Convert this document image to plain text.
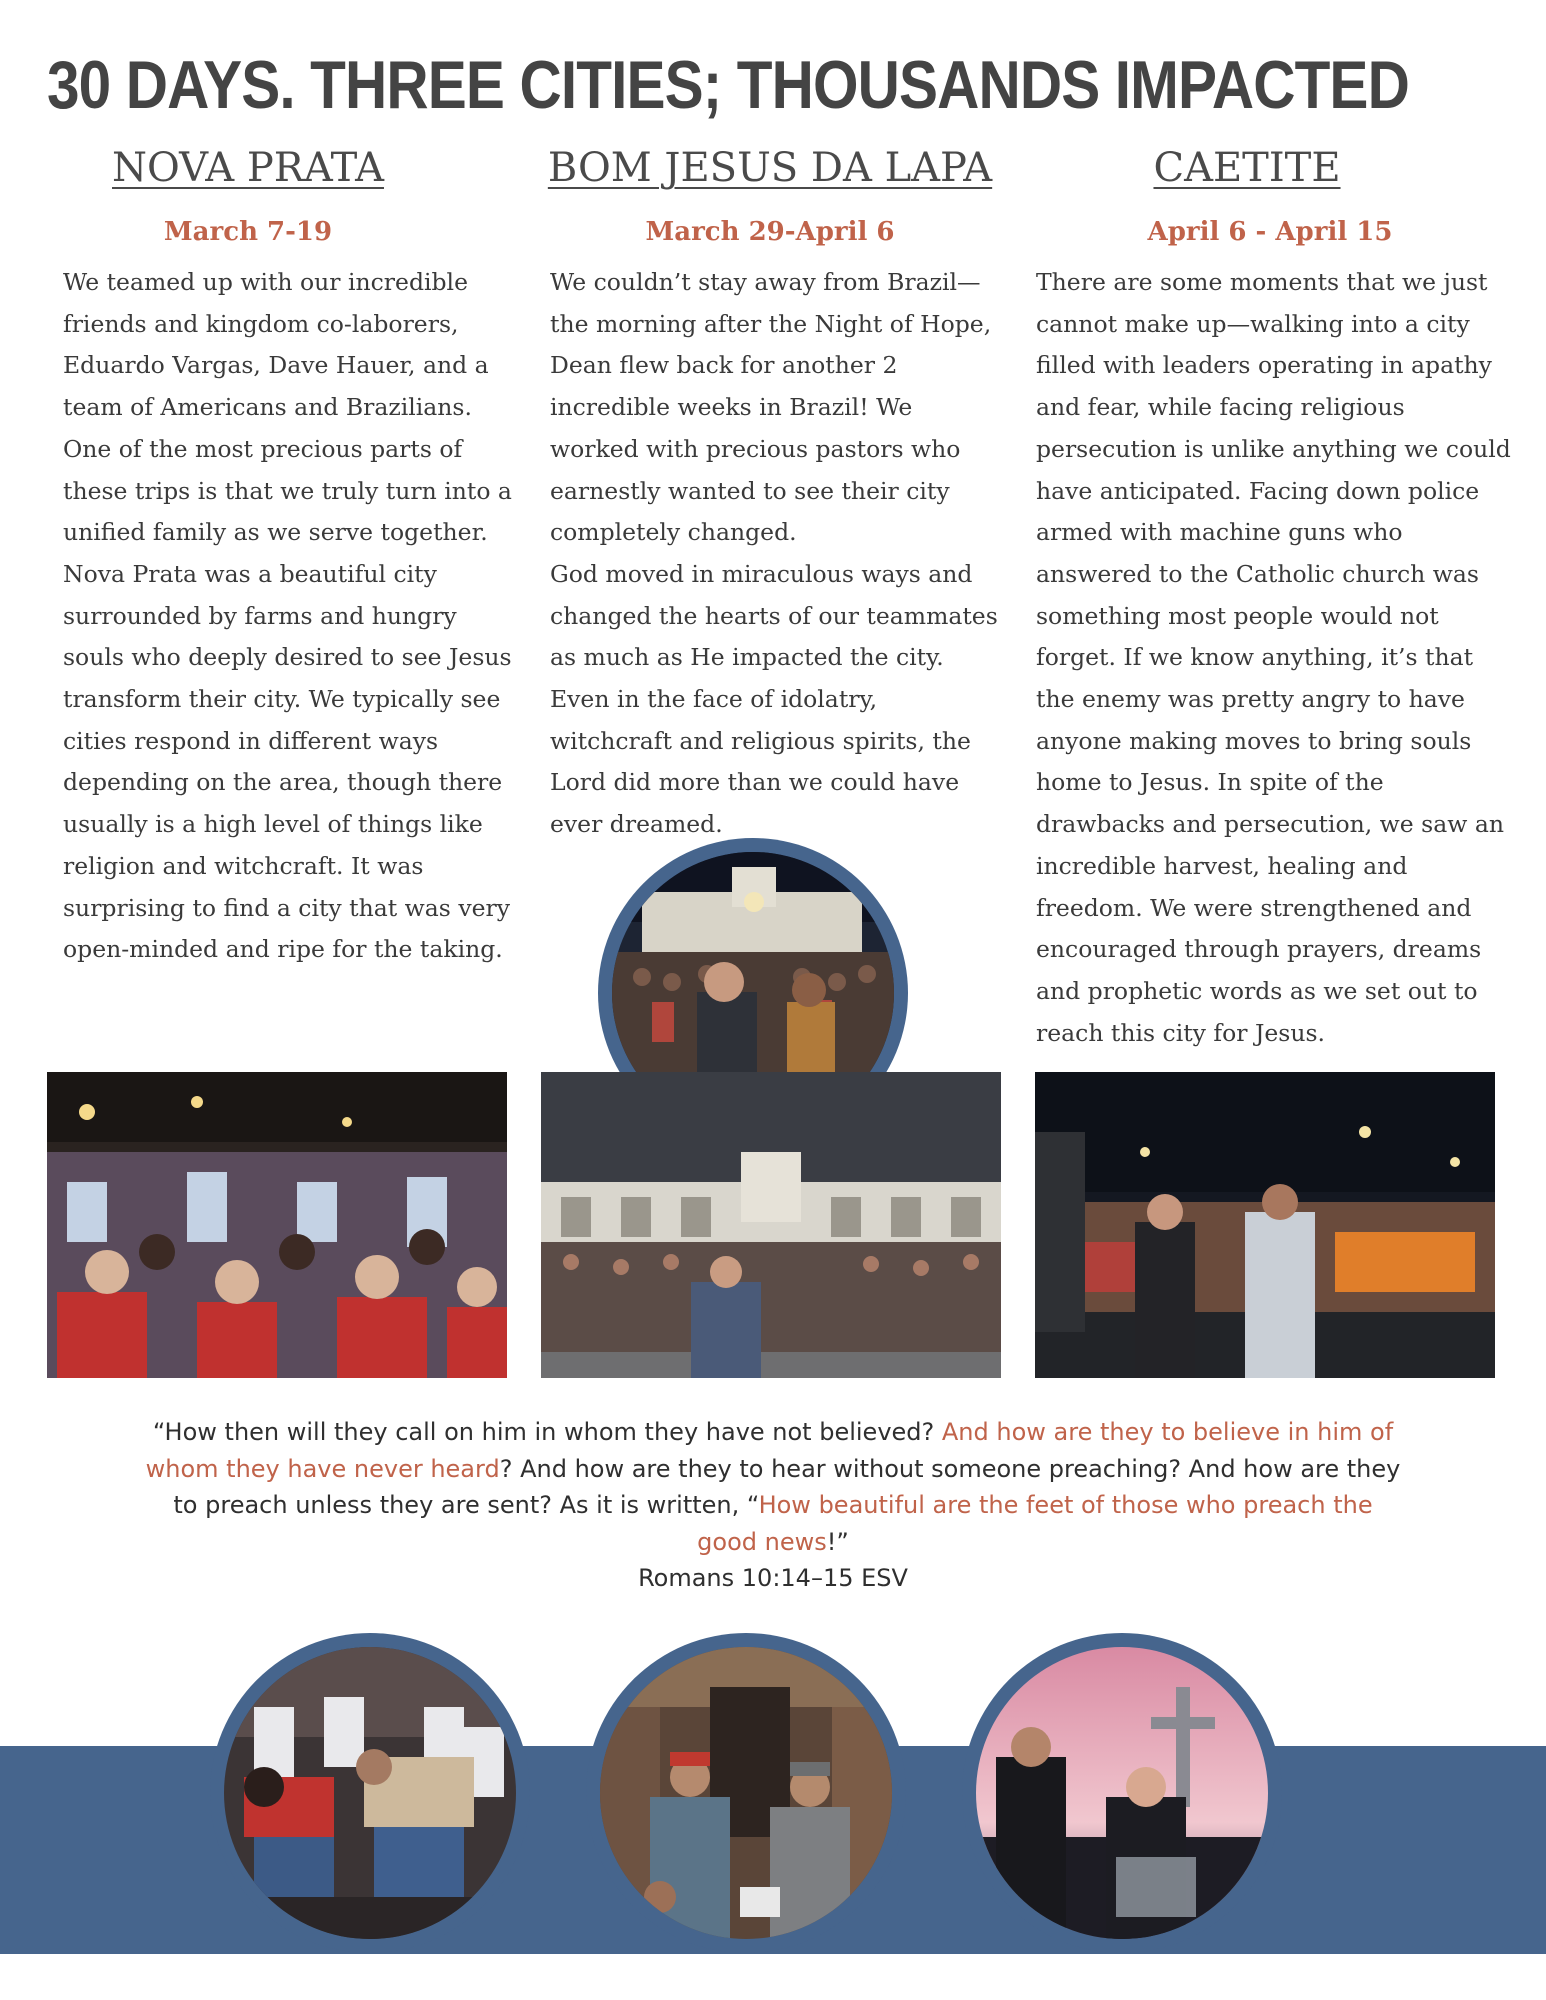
30 DAYS. THREE CITIES; THOUSANDS IMPACTED
NOVA PRATA	BOM JESUS DA LAPA	CAETITE
March 7-19	March 29-April 6	April 6 - April 15

We teamed up with our incredible friends and kingdom co-laborers, Eduardo Vargas, Dave Hauer, and a team of Americans and Brazilians. One of the most precious parts of these trips is that we truly turn into a unified family as we serve together. Nova Prata was a beautiful city surrounded by farms and hungry souls who deeply desired to see Jesus transform their city. We typically see cities respond in different ways depending on the area, though there usually is a high level of things like religion and witchcraft. It was surprising to find a city that was very open-minded and ripe for the taking.

We couldn’t stay away from Brazil—the morning after the Night of Hope, Dean flew back for another 2 incredible weeks in Brazil! We worked with precious pastors who earnestly wanted to see their city completely changed.

God moved in miraculous ways and changed the hearts of our teammates as much as He impacted the city. Even in the face of idolatry, witchcraft and religious spirits, the Lord did more than we could have ever dreamed.

There are some moments that we just cannot make up—walking into a city filled with leaders operating in apathy and fear, while facing religious persecution is unlike anything we could have anticipated. Facing down police armed with machine guns who answered to the Catholic church was something most people would not forget. If we know anything, it’s that the enemy was pretty angry to have anyone making moves to bring souls home to Jesus. In spite of the drawbacks and persecution, we saw an incredible harvest, healing and freedom. We were strengthened and encouraged through prayers, dreams and prophetic words as we set out to reach this city for Jesus.

“How then will they call on him in whom they have not believed? And how are they to believe in him of whom they have never heard? And how are they to hear without someone preaching? And how are they to preach unless they are sent? As it is written, “How beautiful are the feet of those who preach the good news!”
Romans 10:14–15 ESV
